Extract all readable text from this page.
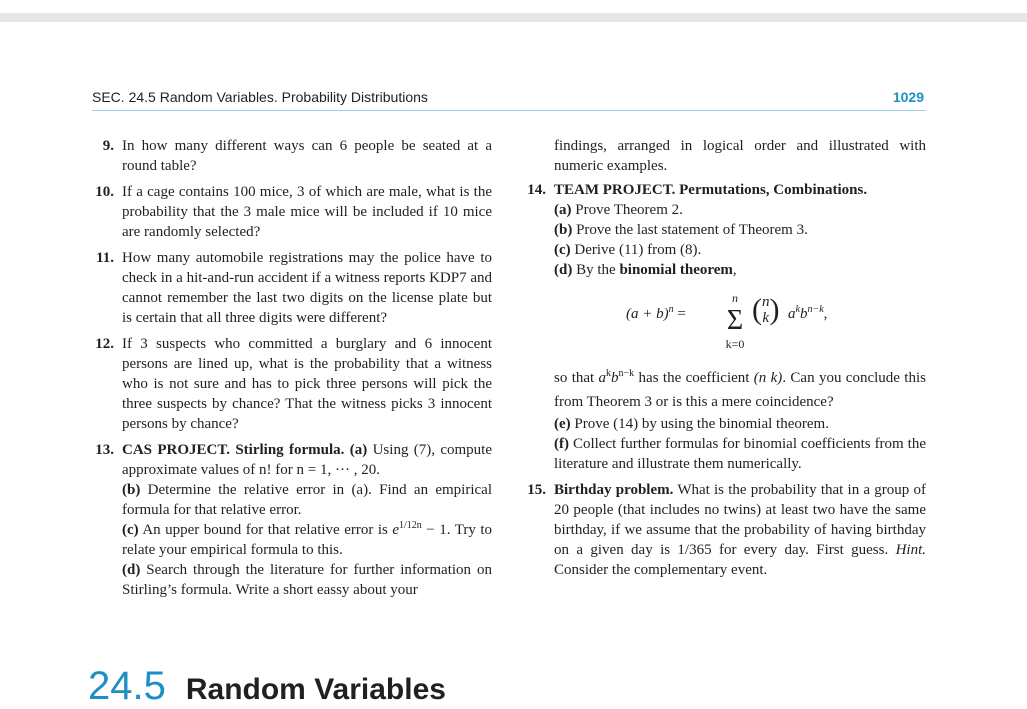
SEC. 24.5 Random Variables. Probability Distributions	1029
9. In how many different ways can 6 people be seated at a round table?
10. If a cage contains 100 mice, 3 of which are male, what is the probability that the 3 male mice will be included if 10 mice are randomly selected?
11. How many automobile registrations may the police have to check in a hit-and-run accident if a witness reports KDP7 and cannot remember the last two digits on the license plate but is certain that all three digits were different?
12. If 3 suspects who committed a burglary and 6 innocent persons are lined up, what is the probability that a witness who is not sure and has to pick three persons will pick the three suspects by chance? That the witness picks 3 innocent persons by chance?
13. CAS PROJECT. Stirling formula. (a) Using (7), compute approximate values of n! for n = 1, ··· , 20.
(b) Determine the relative error in (a). Find an empirical formula for that relative error.
(c) An upper bound for that relative error is $e^{1/12n} - 1$. Try to relate your empirical formula to this.
(d) Search through the literature for further information on Stirling’s formula. Write a short eassy about your
findings, arranged in logical order and illustrated with numeric examples.
14. TEAM PROJECT. Permutations, Combinations.
(a) Prove Theorem 2.
(b) Prove the last statement of Theorem 3.
(c) Derive (11) from (8).
(d) By the binomial theorem,
$(a + b)^n$ =
n
Σ
k=0
( n
k ) $a^kb^{n-k}$,
so that $a^kb^{n-k}$ has the coefficient (n k). Can you conclude this from Theorem 3 or is this a mere coincidence?
(e) Prove (14) by using the binomial theorem.
(f) Collect further formulas for binomial coefficients from the literature and illustrate them numerically.
15. Birthday problem. What is the probability that in a group of 20 people (that includes no twins) at least two have the same birthday, if we assume that the probability of having birthday on a given day is 1/365 for every day. First guess. Hint. Consider the complementary event.
24.5 Random Variables
